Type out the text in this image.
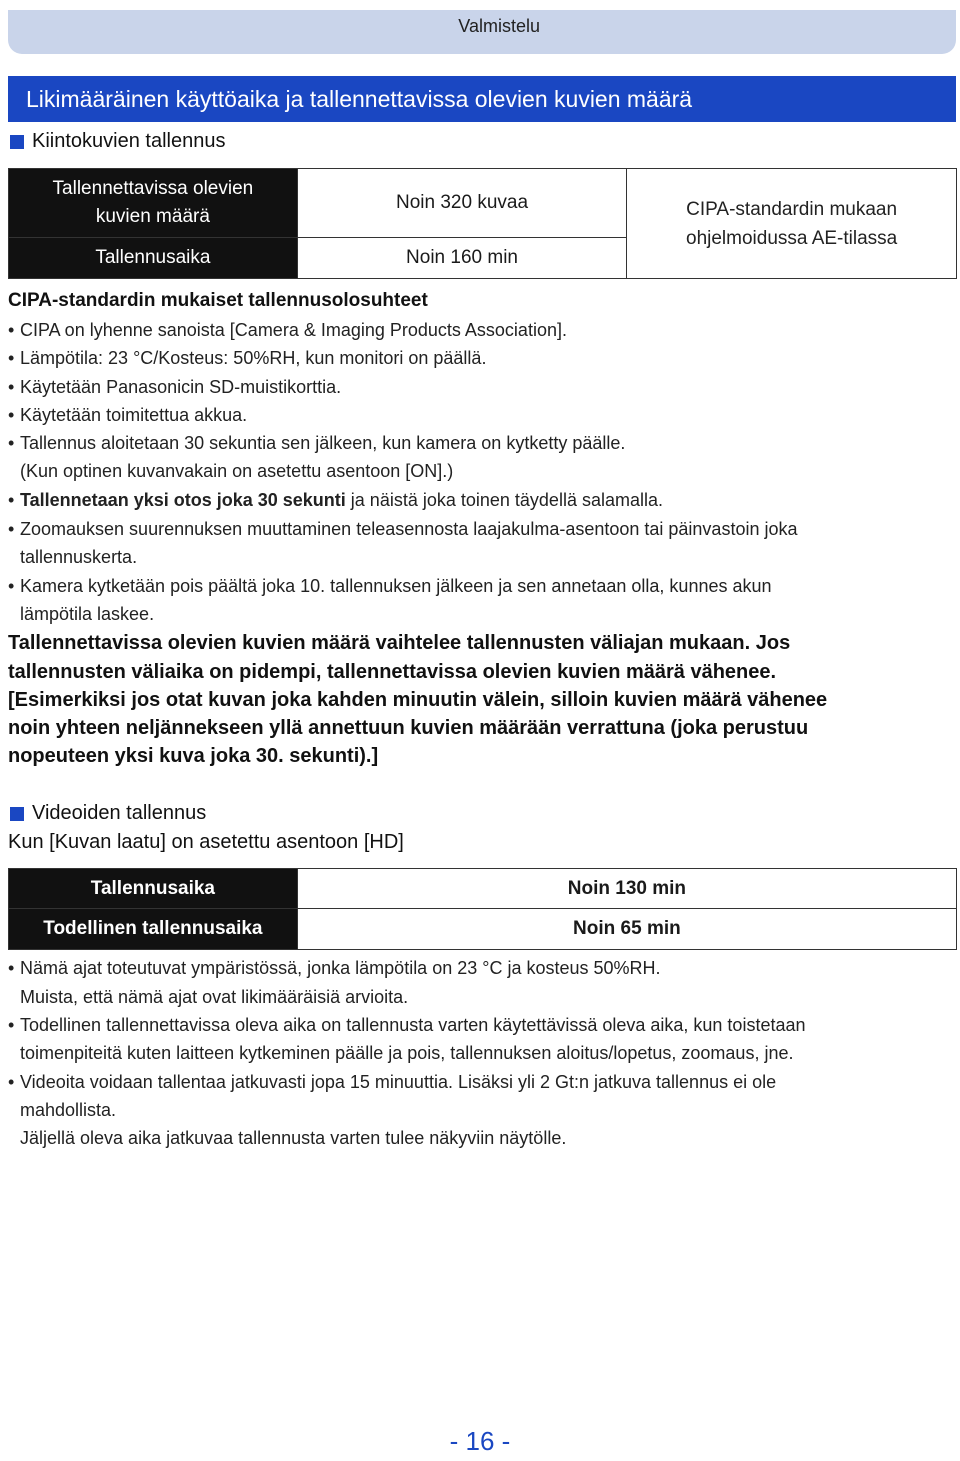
Valmistelu
Likimääräinen käyttöaika ja tallennettavissa olevien kuvien määrä
Kiintokuvien tallennus
Tallennettavissa olevien kuvien määrä	Noin 320 kuvaa	CIPA-standardin mukaan ohjelmoidussa AE-tilassa
Tallennusaika	Noin 160 min	
CIPA-standardin mukaiset tallennusolosuhteet
• CIPA on lyhenne sanoista [Camera & Imaging Products Association].
• Lämpötila: 23 °C/Kosteus: 50%RH, kun monitori on päällä.
• Käytetään Panasonicin SD-muistikorttia.
• Käytetään toimitettua akkua.
• Tallennus aloitetaan 30 sekuntia sen jälkeen, kun kamera on kytketty päälle.
(Kun optinen kuvanvakain on asetettu asentoon [ON].)
• Tallennetaan yksi otos joka 30 sekunti ja näistä joka toinen täydellä salamalla.
• Zoomauksen suurennuksen muuttaminen teleasennosta laajakulma-asentoon tai päinvastoin joka
tallennuskerta.
• Kamera kytketään pois päältä joka 10. tallennuksen jälkeen ja sen annetaan olla, kunnes akun
lämpötila laskee.
Tallennettavissa olevien kuvien määrä vaihtelee tallennusten väliajan mukaan. Jos
tallennusten väliaika on pidempi, tallennettavissa olevien kuvien määrä vähenee.
[Esimerkiksi jos otat kuvan joka kahden minuutin välein, silloin kuvien määrä vähenee
noin yhteen neljännekseen yllä annettuun kuvien määrään verrattuna (joka perustuu
nopeuteen yksi kuva joka 30. sekunti).]
Videoiden tallennus
Kun [Kuvan laatu] on asetettu asentoon [HD]
Tallennusaika	Noin 130 min
Todellinen tallennusaika	Noin 65 min
• Nämä ajat toteutuvat ympäristössä, jonka lämpötila on 23 °C ja kosteus 50%RH.
Muista, että nämä ajat ovat likimääräisiä arvioita.
• Todellinen tallennettavissa oleva aika on tallennusta varten käytettävissä oleva aika, kun toistetaan
toimenpiteitä kuten laitteen kytkeminen päälle ja pois, tallennuksen aloitus/lopetus, zoomaus, jne.
• Videoita voidaan tallentaa jatkuvasti jopa 15 minuuttia. Lisäksi yli 2 Gt:n jatkuva tallennus ei ole
mahdollista.
Jäljellä oleva aika jatkuvaa tallennusta varten tulee näkyviin näytölle.
- 16 -
